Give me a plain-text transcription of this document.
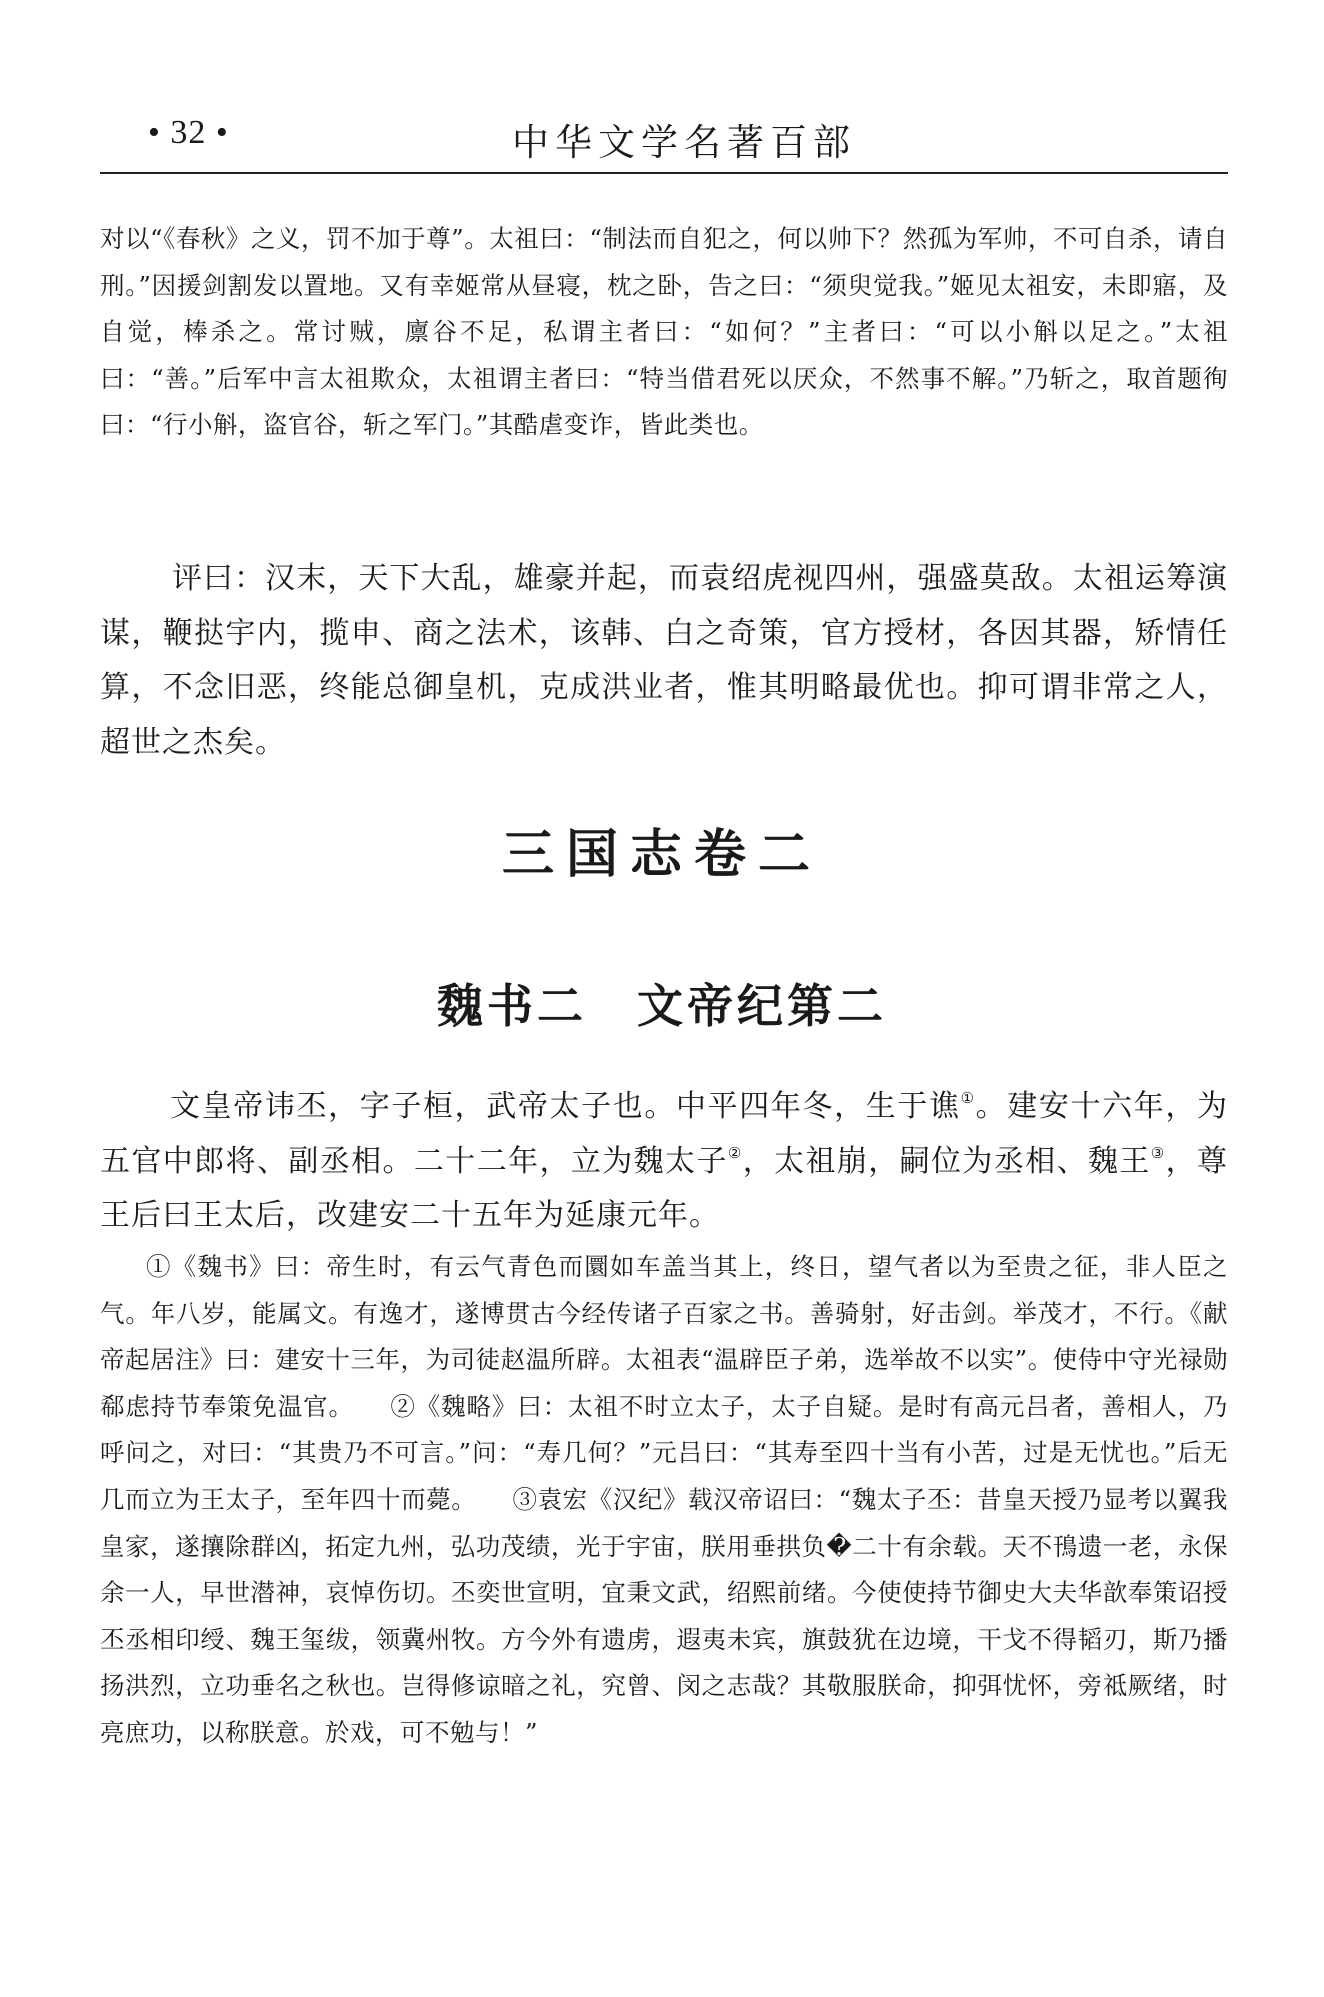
• 32 •	中华文学名著百部

对以“《春秋》之义，罚不加于尊”。太祖曰：“制法而自犯之，何以帅下？然孤为军帅，不可自杀，请自刑。”因援剑割发以置地。又有幸姬常从昼寝，枕之卧，告之曰：“须臾觉我。”姬见太祖安，未即寤，及自觉，棒杀之。常讨贼，廪谷不足，私谓主者曰：“如何？”主者曰：“可以小斛以足之。”太祖曰：“善。”后军中言太祖欺众，太祖谓主者曰：“特当借君死以厌众，不然事不解。”乃斩之，取首题徇曰：“行小斛，盗官谷，斩之军门。”其酷虐变诈，皆此类也。

评曰：汉末，天下大乱，雄豪并起，而袁绍虎视四州，强盛莫敌。太祖运筹演谋，鞭挞宇内，揽申、商之法术，该韩、白之奇策，官方授材，各因其器，矫情任算，不念旧恶，终能总御皇机，克成洪业者，惟其明略最优也。抑可谓非常之人，超世之杰矣。

三国志卷二
魏书二　文帝纪第二

文皇帝讳丕，字子桓，武帝太子也。中平四年冬，生于谯①。建安十六年，为五官中郎将、副丞相。二十二年，立为魏太子②，太祖崩，嗣位为丞相、魏王③，尊王后曰王太后，改建安二十五年为延康元年。

①《魏书》曰：帝生时，有云气青色而圜如车盖当其上，终日，望气者以为至贵之征，非人臣之气。年八岁，能属文。有逸才，遂博贯古今经传诸子百家之书。善骑射，好击剑。举茂才，不行。《献帝起居注》曰：建安十三年，为司徒赵温所辟。太祖表“温辟臣子弟，选举故不以实”。使侍中守光禄勋郗虑持节奉策免温官。 ②《魏略》曰：太祖不时立太子，太子自疑。是时有高元吕者，善相人，乃呼问之，对曰：“其贵乃不可言。”问：“寿几何？”元吕曰：“其寿至四十当有小苦，过是无忧也。”后无几而立为王太子，至年四十而薨。 ③袁宏《汉纪》载汉帝诏曰：“魏太子丕：昔皇天授乃显考以翼我皇家，遂攘除群凶，拓定九州，弘功茂绩，光于宇宙，朕用垂拱负�二十有余载。天不鳱遗一老，永保余一人，早世潜神，哀悼伤切。丕奕世宣明，宜秉文武，绍熙前绪。今使使持节御史大夫华歆奉策诏授丕丞相印绶、魏王玺绂，领冀州牧。方今外有遗虏，遐夷未宾，旗鼓犹在边境，干戈不得韬刃，斯乃播扬洪烈，立功垂名之秋也。岂得修谅暗之礼，究曾、闵之志哉？其敬服朕命，抑弭忧怀，旁祗厥绪，时亮庶功，以称朕意。於戏，可不勉与！”
